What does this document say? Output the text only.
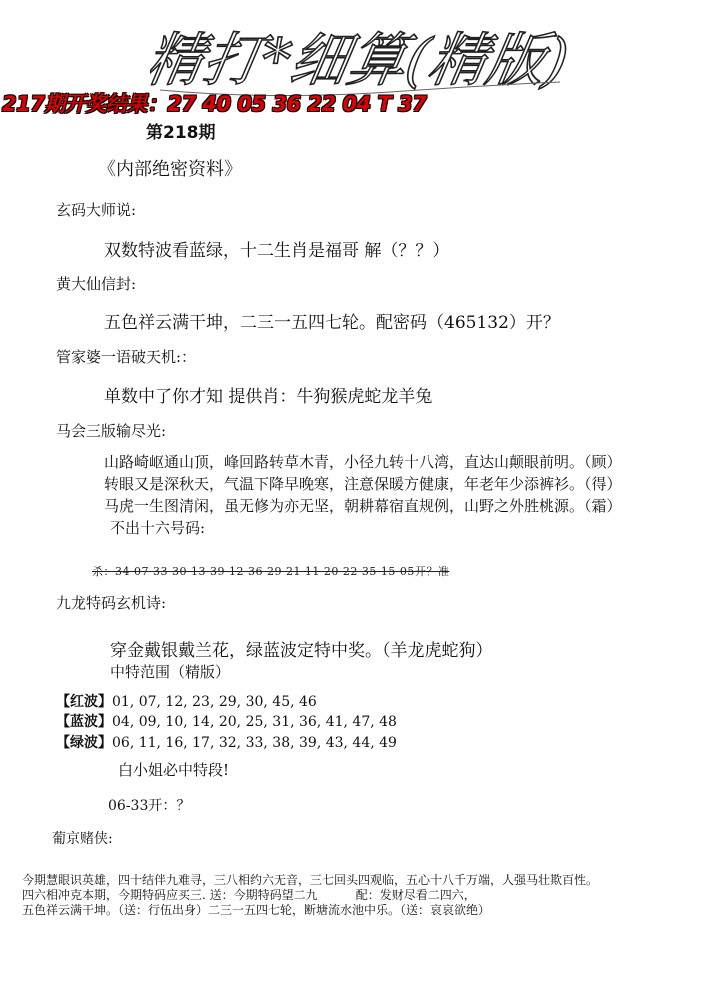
精打*细算(精版)
217期开奖结果：27 40 05 36 22 04 T 37
第218期
《内部绝密资料》
玄码大师说:
双数特波看蓝绿，十二生肖是福哥 解（？？）
黄大仙信封:
五色祥云满干坤，二三一五四七轮。配密码（465132）开？
管家婆一语破天机:：
单数中了你才知 提供肖：牛狗猴虎蛇龙羊兔
马会三版输尽光:
山路崎岖通山顶，峰回路转草木青，小径九转十八湾，直达山颠眼前明。（顾）
转眼又是深秋天，气温下降早晚寒，注意保暖方健康，年老年少添裤衫。（得）
马虎一生图清闲，虽无修为亦无坚，朝耕幕宿直规例，山野之外胜桃源。（霜）
不出十六号码:
杀：34 07 33 30 13 39 12 36 29 21 11 20 22 35 15 05开？准
九龙特码玄机诗:
穿金戴银戴兰花，绿蓝波定特中奖。（羊龙虎蛇狗）
中特范围（精版）
【红波】01, 07, 12, 23, 29, 30, 45, 46
【蓝波】04, 09, 10, 14, 20, 25, 31, 36, 41, 47, 48
【绿波】06, 11, 16, 17, 32, 33, 38, 39, 43, 44, 49
白小姐必中特段!
06-33开：？
葡京赌侠:
今期慧眼识英雄，四十结伴九难寻，三八相约六无音，三七回头四观临，五心十八千万端，人强马壮欺百性。
四六相冲克本期，今期特码应买三. 送：今期特码望二九          配：发财尽看二四六，
五色祥云满干坤。（送：行伍出身）二三一五四七轮，断塘流水池中乐。（送：哀哀欲绝）
